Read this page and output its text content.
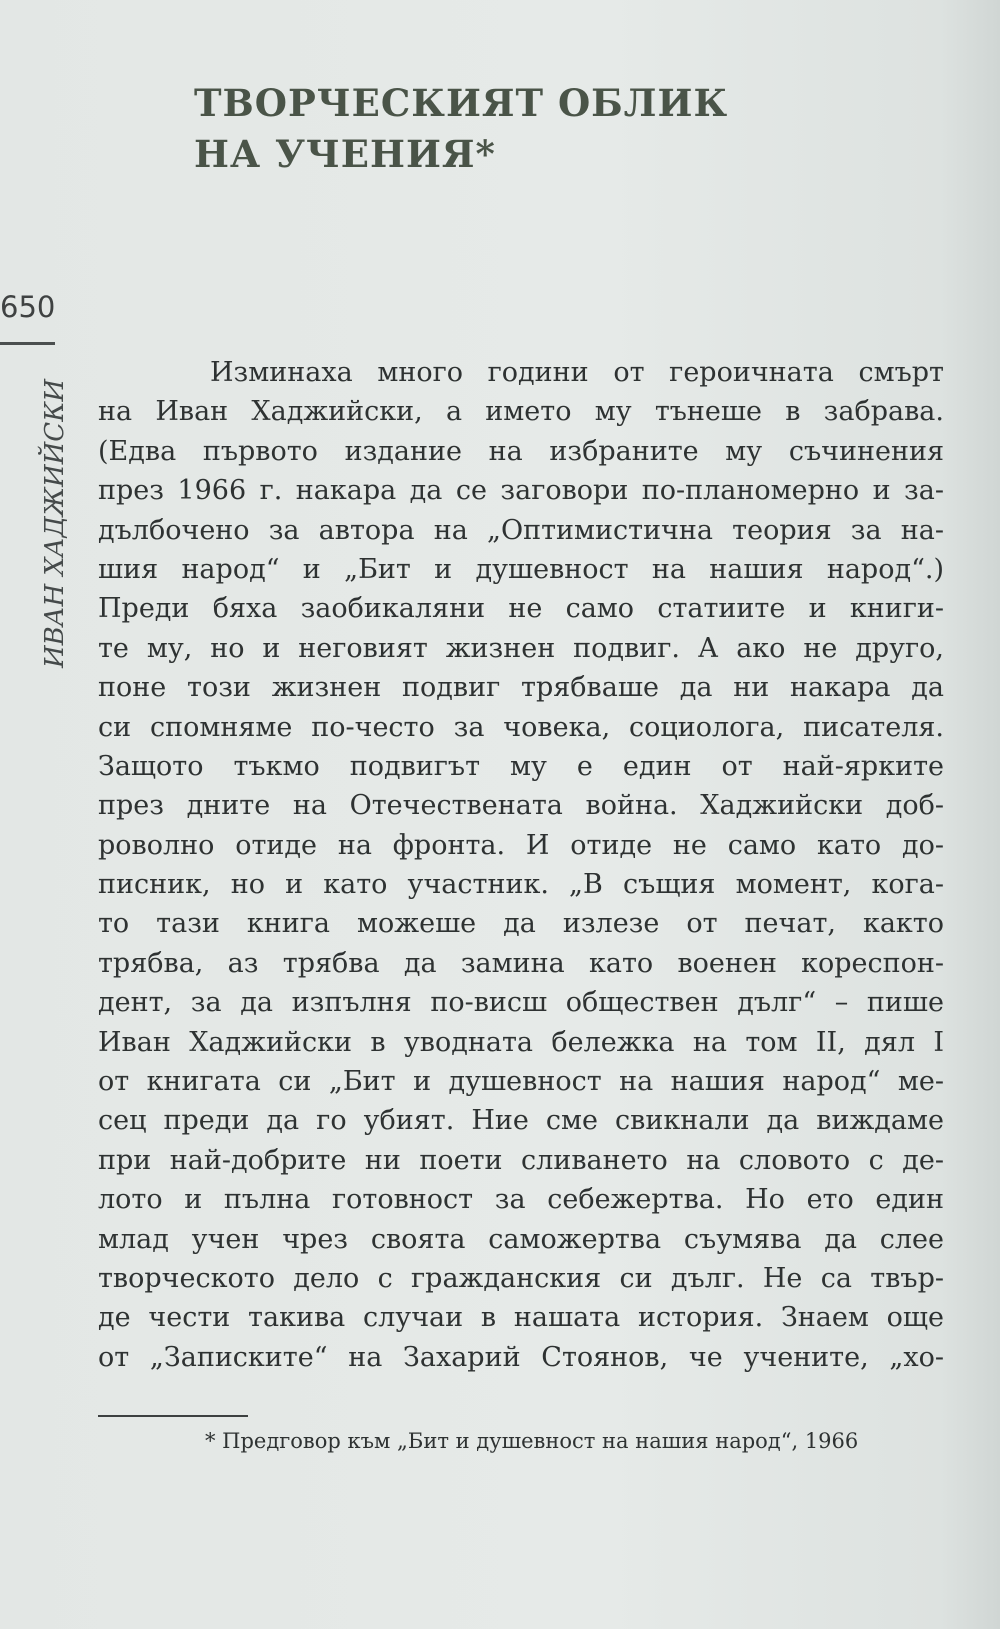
ТВОРЧЕСКИЯТ ОБЛИК
НА УЧЕНИЯ*
650
ИВАН ХАДЖИЙСКИ
Изминаха много години от героичната смърт
на Иван Хаджийски, а името му тънеше в забрава.
(Едва първото издание на избраните му съчинения
през 1966 г. накара да се заговори по-планомерно и за-
дълбочено за автора на „Оптимистична теория за на-
шия народ“ и „Бит и душевност на нашия народ“.)
Преди бяха заобикаляни не само статиите и книги-
те му, но и неговият жизнен подвиг. А ако не друго,
поне този жизнен подвиг трябваше да ни накара да
си спомняме по-често за човека, социолога, писателя.
Защото тъкмо подвигът му е един от най-ярките
през дните на Отечествената война. Хаджийски доб-
роволно отиде на фронта. И отиде не само като до-
писник, но и като участник. „В същия момент, кога-
то тази книга можеше да излезе от печат, както
трябва, аз трябва да замина като военен кореспон-
дент, за да изпълня по-висш обществен дълг“ – пише
Иван Хаджийски в уводната бележка на том II, дял I
от книгата си „Бит и душевност на нашия народ“ ме-
сец преди да го убият. Ние сме свикнали да виждаме
при най-добрите ни поети сливането на словото с де-
лото и пълна готовност за себежертва. Но ето един
млад учен чрез своята саможертва съумява да слее
творческото дело с гражданския си дълг. Не са твър-
де чести такива случаи в нашата история. Знаем още
от „Записките“ на Захарий Стоянов, че учените, „хо-
* Предговор към „Бит и душевност на нашия народ“, 1966
